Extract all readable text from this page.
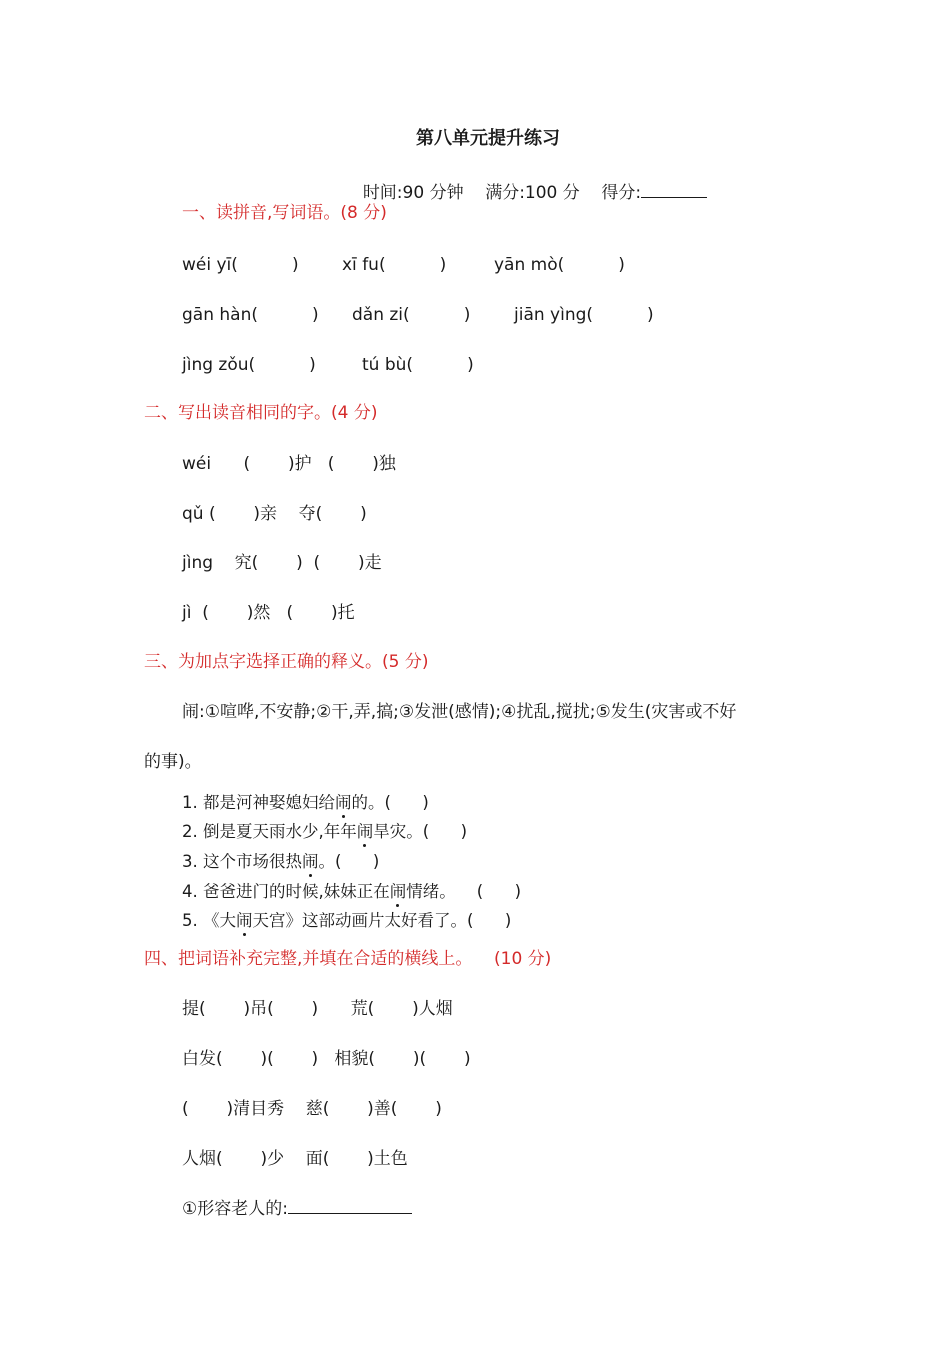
第八单元提升练习

时间:90 分钟 满分:100 分 得分:

一、读拼音,写词语。(8 分)
wéi yī(          )	xī fu(          )	yān mò(          )
gān hàn(          ) dǎn zi(          )	jiān yìng(          )
jìng zǒu(          )	tú bù(          )
二、写出读音相同的字。(4 分)
wéi      (       )护   (       )独
qǔ (       )亲    夺(       )
jìng    究(       )  (       )走
jì  (       )然   (       )托
三、为加点字选择正确的释义。(5 分)
闹:①喧哗,不安静;②干,弄,搞;③发泄(感情);④扰乱,搅扰;⑤发生(灾害或不好
的事)。
1. 都是河神娶媳妇给闹的。(      )
2. 倒是夏天雨水少,年年闹旱灾。(      )
3. 这个市场很热闹。(      )
4. 爸爸进门的时候,妹妹正在闹情绪。    (      )
5. 《大闹天宫》这部动画片太好看了。(      )
四、把词语补充完整,并填在合适的横线上。    (10 分)
提(       )吊(       )      荒(       )人烟
白发(       )(       )   相貌(       )(       )
(       )清目秀    慈(       )善(       )
人烟(       )少    面(       )土色
①形容老人的:
